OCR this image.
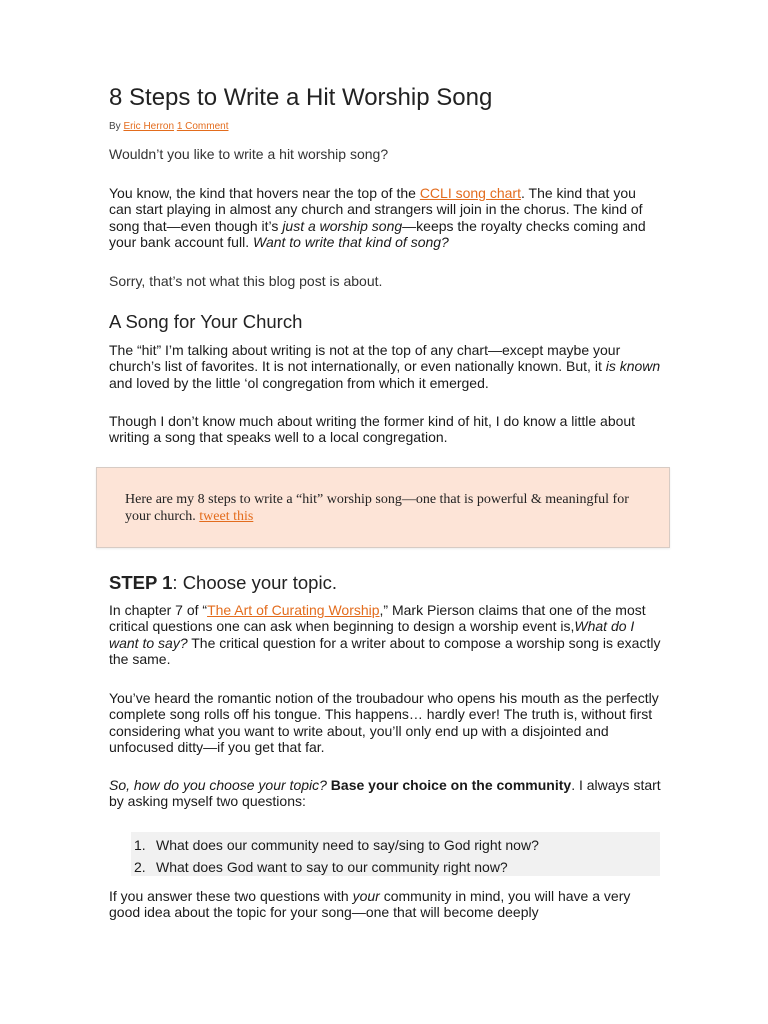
8 Steps to Write a Hit Worship Song
By Eric Herron 1 Comment

Wouldn’t you like to write a hit worship song?

You know, the kind that hovers near the top of the CCLI song chart. The kind that you can start playing in almost any church and strangers will join in the chorus. The kind of song that—even though it’s just a worship song—keeps the royalty checks coming and your bank account full. Want to write that kind of song?

Sorry, that’s not what this blog post is about.

A Song for Your Church

The “hit” I’m talking about writing is not at the top of any chart—except maybe your church’s list of favorites. It is not internationally, or even nationally known. But, it is known and loved by the little ‘ol congregation from which it emerged.

Though I don’t know much about writing the former kind of hit, I do know a little about writing a song that speaks well to a local congregation.

Here are my 8 steps to write a “hit” worship song—one that is powerful & meaningful for your church. tweet this
STEP 1: Choose your topic.

In chapter 7 of “The Art of Curating Worship,” Mark Pierson claims that one of the most critical questions one can ask when beginning to design a worship event is,What do I want to say? The critical question for a writer about to compose a worship song is exactly the same.

You’ve heard the romantic notion of the troubadour who opens his mouth as the perfectly complete song rolls off his tongue. This happens… hardly ever! The truth is, without first considering what you want to write about, you’ll only end up with a disjointed and unfocused ditty—if you get that far.

So, how do you choose your topic? Base your choice on the community. I always start by asking myself two questions:

1. What does our community need to say/sing to God right now?
2. What does God want to say to our community right now?

If you answer these two questions with your community in mind, you will have a very good idea about the topic for your song—one that will become deeply
